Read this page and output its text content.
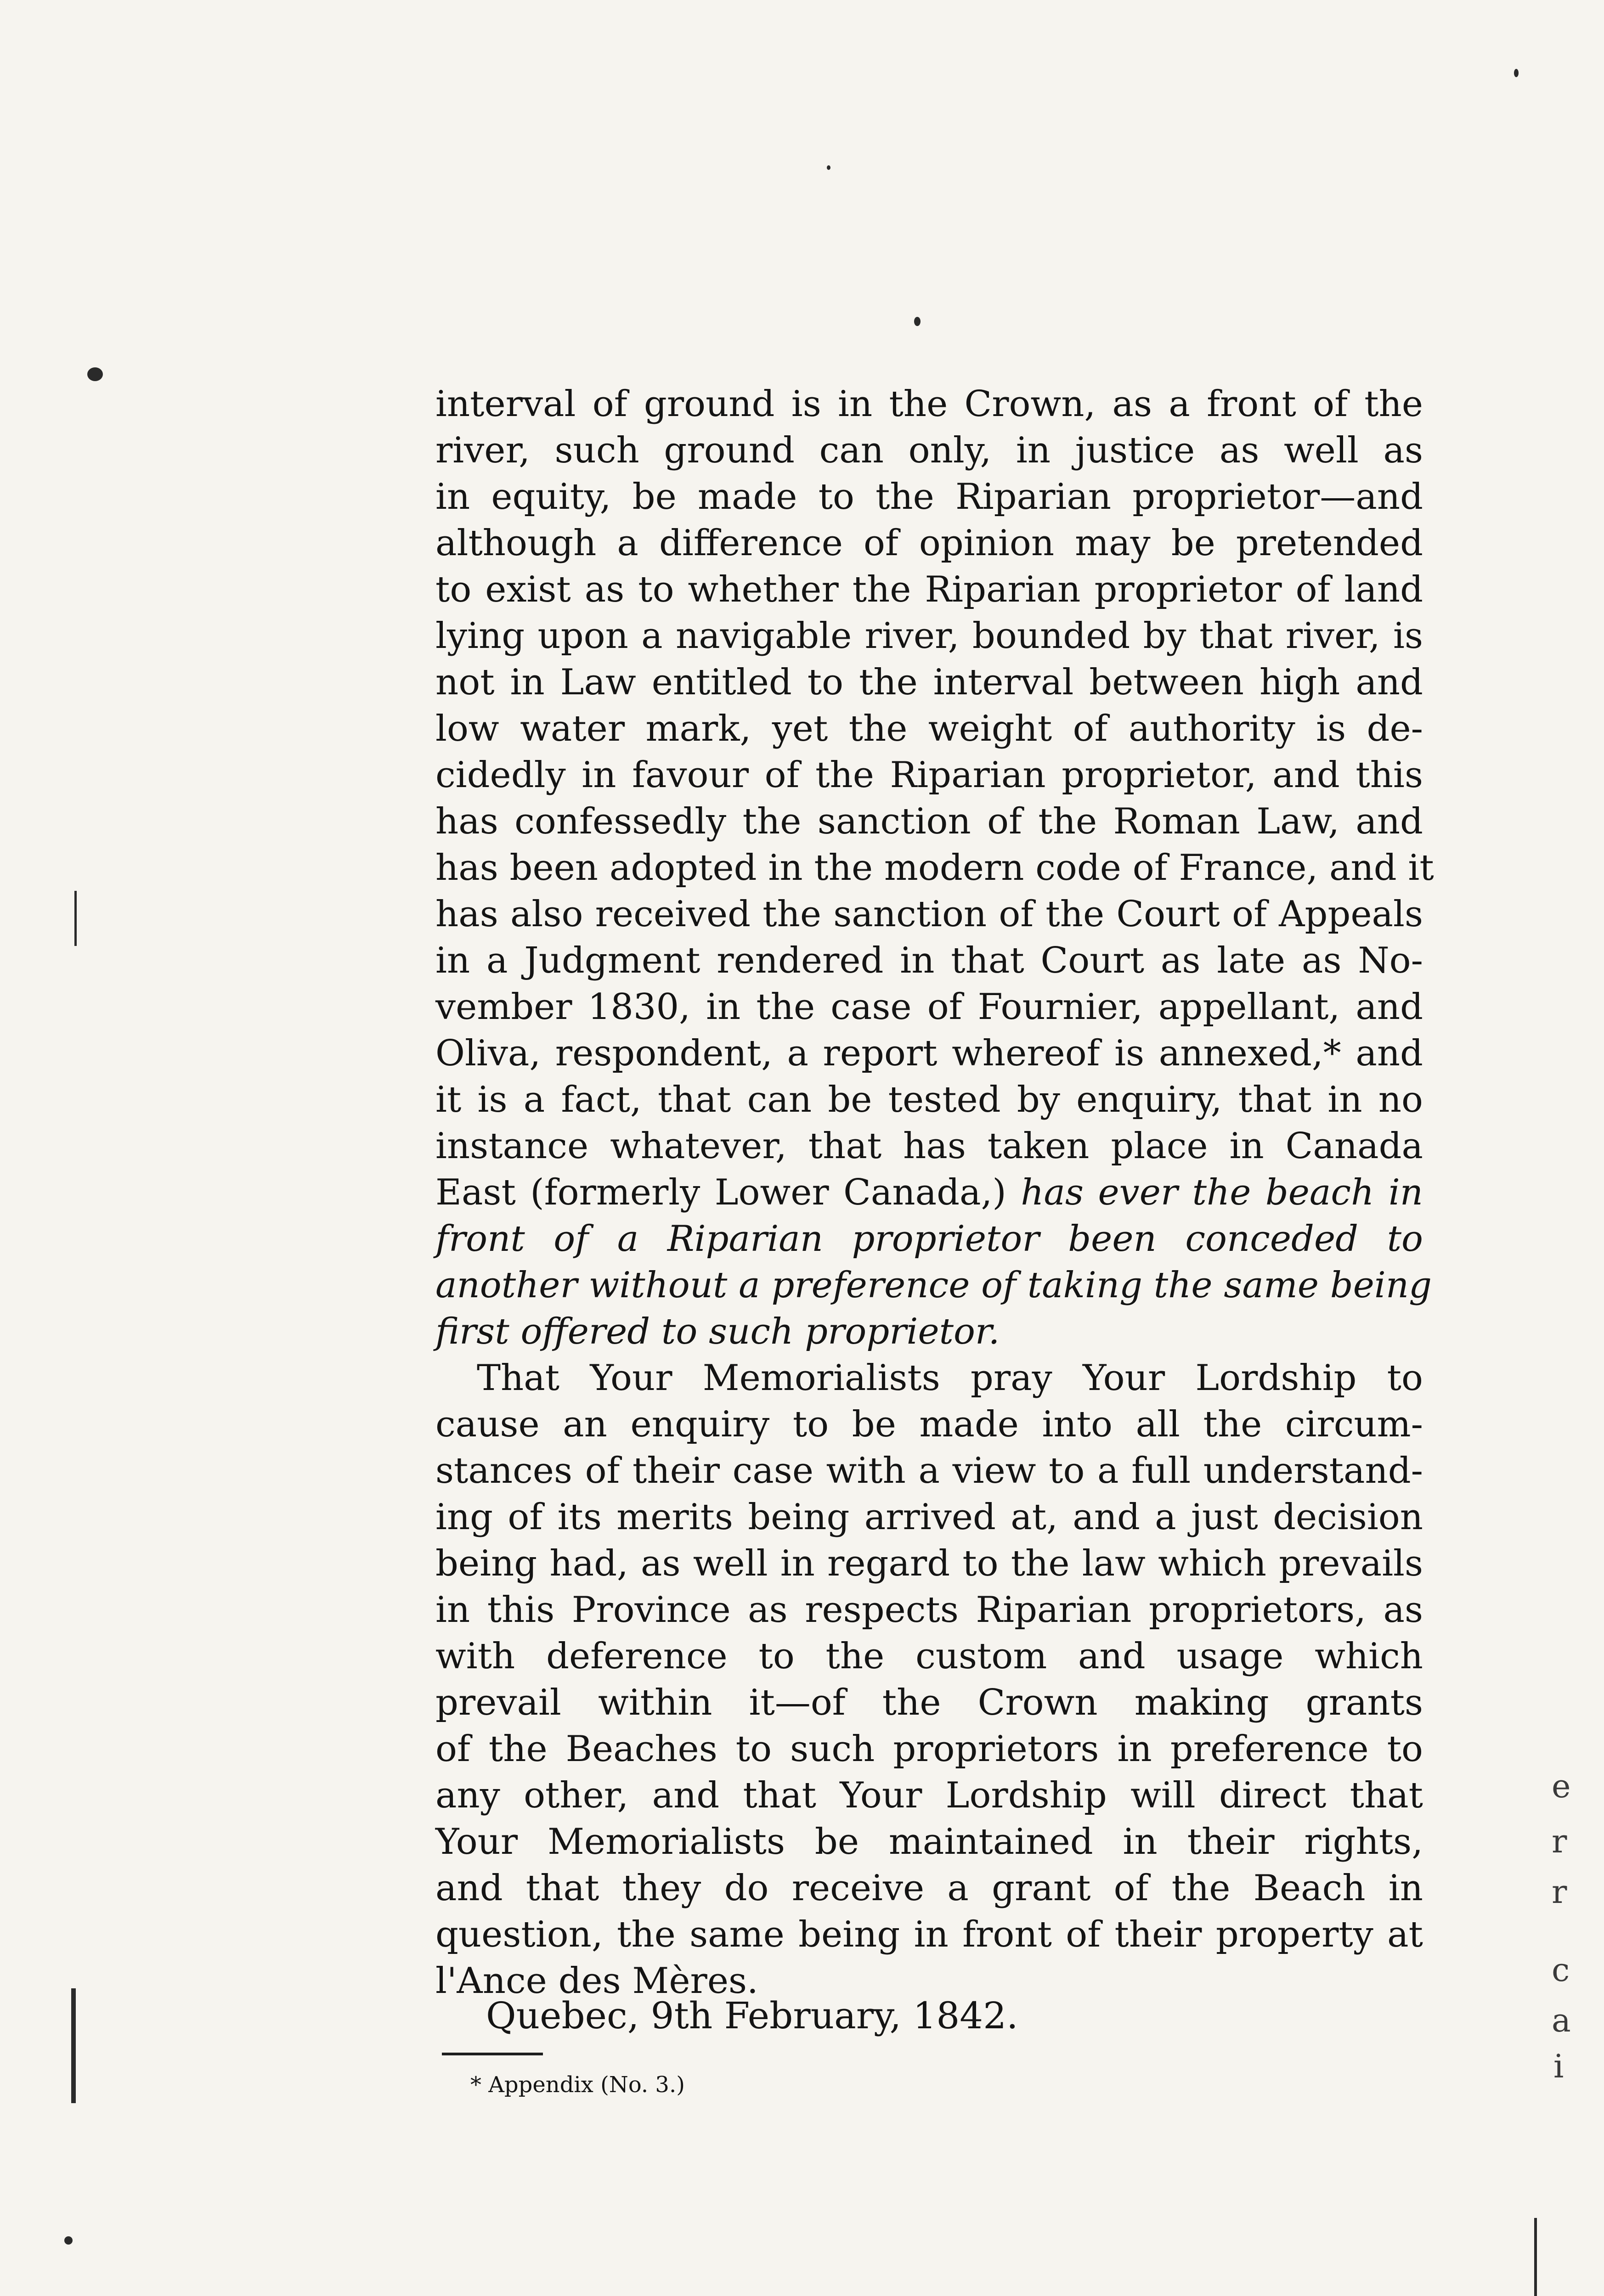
interval of ground is in the Crown, as a front of the
river, such ground can only, in justice as well as
in equity, be made to the Riparian proprietor—and
although a difference of opinion may be pretended
to exist as to whether the Riparian proprietor of land
lying upon a navigable river, bounded by that river, is
not in Law entitled to the interval between high and
low water mark, yet the weight of authority is de-
cidedly in favour of the Riparian proprietor, and this
has confessedly the sanction of the Roman Law, and
has been adopted in the modern code of France, and it
has also received the sanction of the Court of Appeals
in a Judgment rendered in that Court as late as No-
vember 1830, in the case of Fournier, appellant, and
Oliva, respondent, a report whereof is annexed,* and
it is a fact, that can be tested by enquiry, that in no
instance whatever, that has taken place in Canada
East (formerly Lower Canada,) has ever the beach in
front of a Riparian proprietor been conceded to
another without a preference of taking the same being
first offered to such proprietor.
That Your Memorialists pray Your Lordship to
cause an enquiry to be made into all the circum-
stances of their case with a view to a full understand-
ing of its merits being arrived at, and a just decision
being had, as well in regard to the law which prevails
in this Province as respects Riparian proprietors, as
with deference to the custom and usage which
prevail within it—of the Crown making grants
of the Beaches to such proprietors in preference to
any other, and that Your Lordship will direct that
Your Memorialists be maintained in their rights,
and that they do receive a grant of the Beach in
question, the same being in front of their property at
l'Ance des Mères.
Quebec, 9th February, 1842.
* Appendix (No. 3.)
e
r
r
c
a
i
